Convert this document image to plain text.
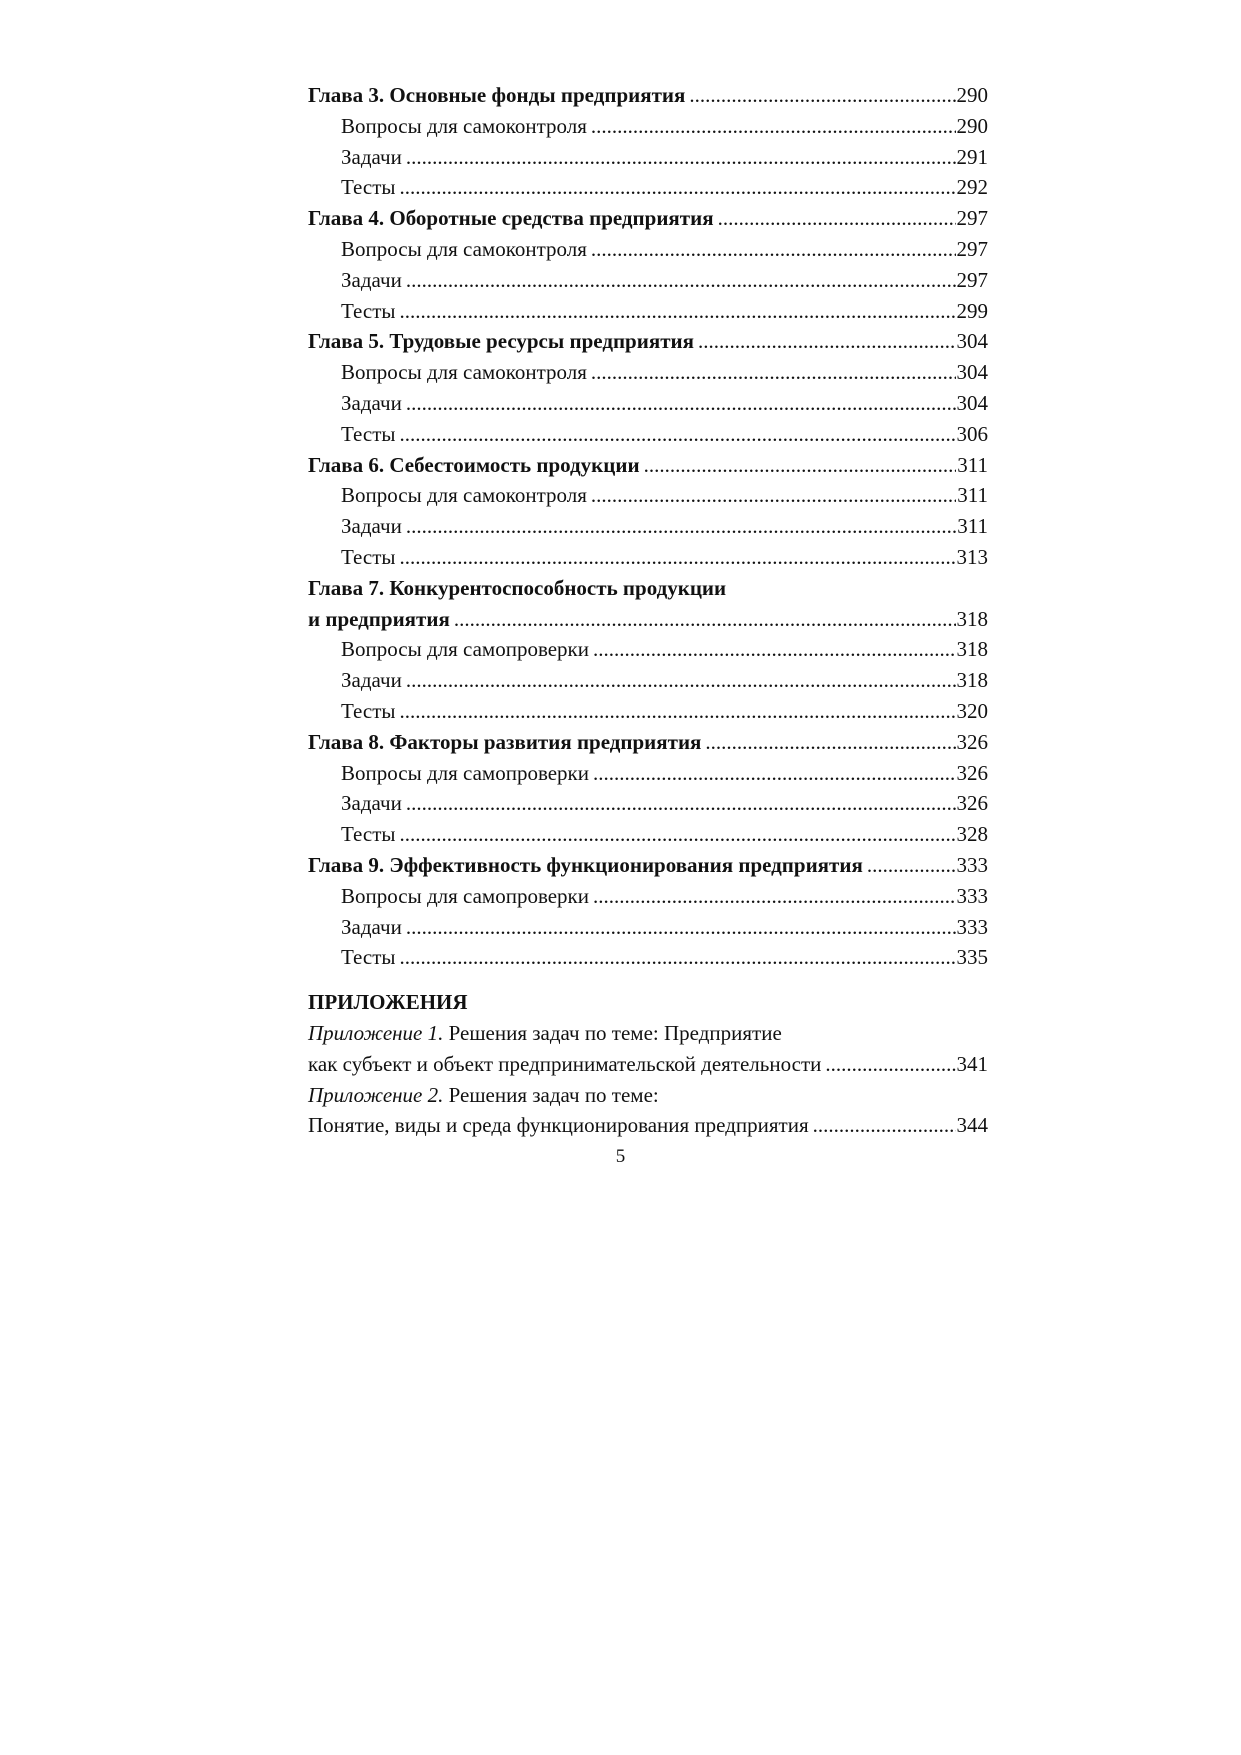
Глава 3. Основные фонды предприятия .....	290
Вопросы для самоконтроля .....	290
Задачи .....	291
Тесты .....	292
Глава 4. Оборотные средства предприятия .....	297
Вопросы для самоконтроля .....	297
Задачи .....	297
Тесты .....	299
Глава 5. Трудовые ресурсы предприятия .....	304
Вопросы для самоконтроля .....	304
Задачи .....	304
Тесты .....	306
Глава 6. Себестоимость продукции .....	311
Вопросы для самоконтроля .....	311
Задачи .....	311
Тесты .....	313
Глава 7. Конкурентоспособность продукции
и предприятия .....	318
Вопросы для самопроверки .....	318
Задачи .....	318
Тесты .....	320
Глава 8. Факторы развития предприятия .....	326
Вопросы для самопроверки .....	326
Задачи .....	326
Тесты .....	328
Глава 9. Эффективность функционирования предприятия .....	333
Вопросы для самопроверки .....	333
Задачи .....	333
Тесты .....	335
ПРИЛОЖЕНИЯ
Приложение 1. Решения задач по теме: Предприятие
как субъект и объект предпринимательской деятельности .....	341
Приложение 2. Решения задач по теме:
Понятие, виды и среда функционирования предприятия .....	344
5
